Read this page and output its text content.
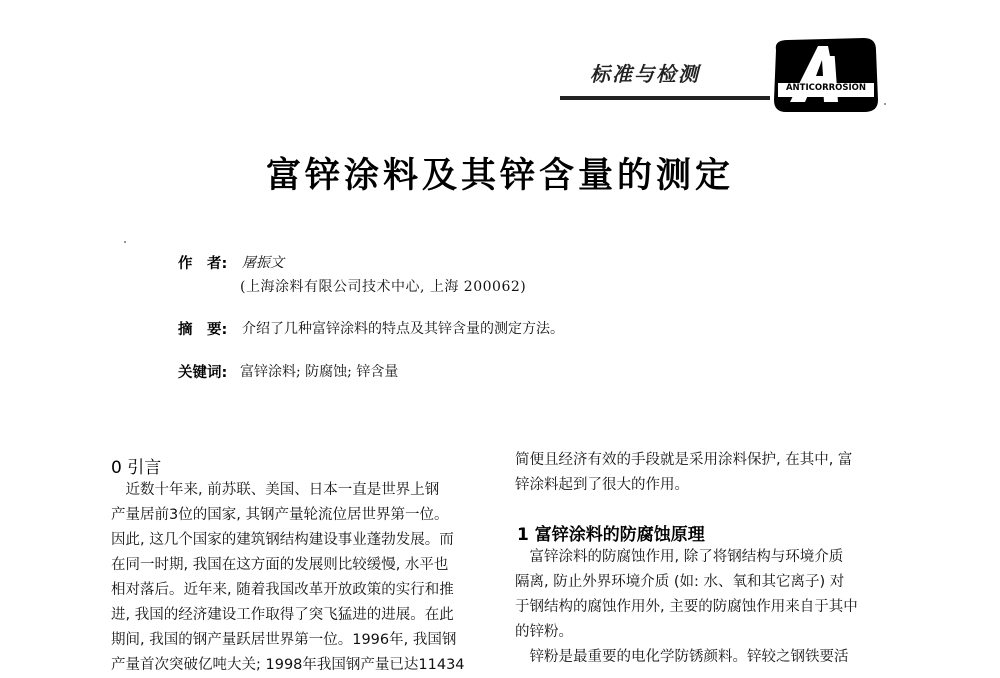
标准与检测
ANTICORROSION
富锌涂料及其锌含量的测定
作　者: 屠振文
(上海涂料有限公司技术中心, 上海 200062)
摘　要: 介绍了几种富锌涂料的特点及其锌含量的测定方法。
关键词: 富锌涂料; 防腐蚀; 锌含量
0 引言

　近数十年来, 前苏联、美国、日本一直是世界上钢

产量居前3位的国家, 其钢产量轮流位居世界第一位。

因此, 这几个国家的建筑钢结构建设事业蓬勃发展。而

在同一时期, 我国在这方面的发展则比较缓慢, 水平也

相对落后。近年来, 随着我国改革开放政策的实行和推

进, 我国的经济建设工作取得了突飞猛进的进展。在此

期间, 我国的钢产量跃居世界第一位。1996年, 我国钢

产量首次突破亿吨大关; 1998年我国钢产量已达11434

简便且经济有效的手段就是采用涂料保护, 在其中, 富

锌涂料起到了很大的作用。

1 富锌涂料的防腐蚀原理

　富锌涂料的防腐蚀作用, 除了将钢结构与环境介质

隔离, 防止外界环境介质 (如: 水、氧和其它离子) 对

于钢结构的腐蚀作用外, 主要的防腐蚀作用来自于其中

的锌粉。

　锌粉是最重要的电化学防锈颜料。锌较之钢铁要活
